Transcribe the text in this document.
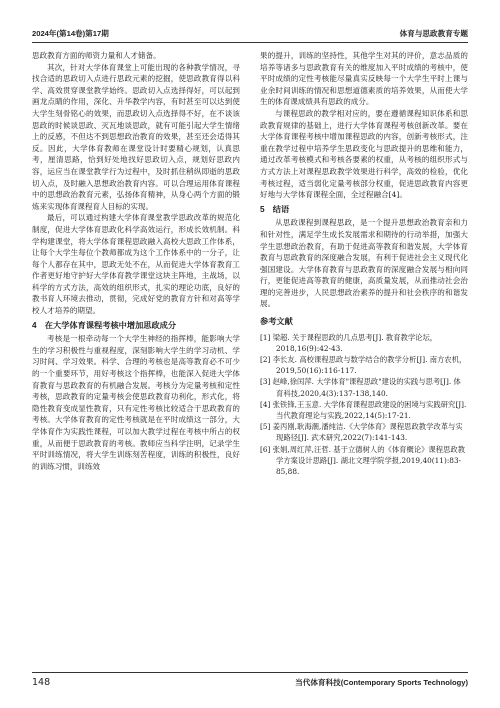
2024年(第14卷)第17期	体育与思政教育专题

思政教育方面的师资力量和人才储备。

其次，针对大学体育课堂上可能出现的各种教学情况，寻找合适的思政切入点进行思政元素的挖掘，使思政教育得以科学、高效贯穿课堂教学始终。思政切入点选择得好，可以起到画龙点睛的作用，深化、升华教学内容，有时甚至可以达到使大学生刻骨铭心的效果，而思政切入点选择得不好，在不谈该思政的时候谈思政、灭瓦地谈思政，就有可能引起大学生情绪上的反感，不但达不到思想政治教育的效果，甚至还会适得其反。因此，大学体育教师在课堂设计时要精心规划，认真思考，厘清思路，恰到好处地找好思政切入点，规划好思政内容，运应当在课堂教学行为过程中，及时抓住稍纵即逝的思政切入点，及时融入思想政治教育内容。可以合理运用体育课程中的思想政治教育元素，弘扬体育精神，从身心两个方面的锻炼来实现体育课程育人目标的实现。

最后，可以通过构建大学体育课堂教学思政改革的规范化制度，促进大学体育思政化科学高效运行，形成长效机制。科学构建课堂，将大学体育课程思政融入高校大思政工作体系，让每个大学生每位个教师都成为这个工作体系中的一分子，让每个人都存在其中，思政无处不在，从而促进大学体育教育工作者更好地守护好大学体育教学课堂这块主阵地，主战场，以科学的方式方法，高效的组织形式，扎实的理论功底，良好的教书育人环境去推动，贯彻，完成好党的教育方针和对高等学校人才培养的期望。

4　在大学体育课程考核中增加思政成分

考核是一根牵动每一个大学生神经的指挥棒，能影响大学生的学习积极性与重视程度，深刻影响大学生的学习动机、学习时间、学习效果。科学、合理的考核也是高等教育必不可少的一个重要环节，用好考核这个指挥棒，也能深入促进大学体育教育与思政教育的有机融合发展。考核分为定量考核和定性考核，思政教育的定量考核会使思政教育功利化，形式化，将隐性教育变成显性教育，只有定性考核比较适合于思政教育的考核。大学体育教育的定性考核就是在平时成绩这一部分，大学体育作为实践性课程，可以加大教学过程在考核中所占的权重，从而便于思政教育的考核。教师应当科学注明，记录学生平时训练情况，将大学生训练刻苦程度，训练的积极性，良好的训练习惯，训练效

果的提升，训练的坚持性，其他学生对其的评价，意志品质的培养等诸多与思政教育有关的维度加入平时成绩的考核中，使平时成绩的定性考核能尽量真实反映每一个大学生平时上课与业余时间训练的情况和思想道德素质的培养效果，从而使大学生的体育课成绩具有思政的成分。

与课程思政的教学相对应的，要在遵循课程知识体系和思政教育规律的基础上，进行大学体育课程考核创新改革。要在大学体育课程考核中增加课程思政的内容，创新考核形式，注重在教学过程中培养学生思政变化与思政提升的思维和能力，通过改革考核模式和考核各要素的权重，从考核的组织形式与方式方法上对课程思政教学效果进行科学，高效的检验，优化考核过程，适当弱化定量考核部分权重，促进思政教育内容更好地与大学体育课程全面，全过程融合[4]。

5　结语

从思政课程到课程思政，是一个提升思想政治教育亲和力和针对性，满足学生成长发展需求和期待的行动举措，加强大学生思想政治教育，有助于促进高等教育和谐发展，大学体育教育与思政教育的深度融合发展，有利于促进社会主义现代化强国建设。大学体育教育与思政教育的深度融合发展与相向同行，更能促进高等教育的健康，高质量发展，从而推动社会治理的完善进步，人民思想政治素养的提升和社会秩序的和谐发展。

参考文献
[1] 梁超. 关于课程思政的几点思考[J]. 教育教学论坛，2018,16(9):42-43.
[2] 李长友. 高校课程思政与数学结合的教学分析[J]. 南方农机，2019,50(16):116-117.
[3] 赵峰,徐闰萍. 大学体育"课程思政"建设的实践与思考[J]. 体育科技,2020,4(3):137-138,140.
[4] 张铁锋,王玉意. 大学体育课程思政建设的困境与实践研究[J]. 当代教育理论与实践,2022,14(5):17-21.
[5] 姜丙刚,耿海潮,潘纯洁.《大学体育》课程思政教学改革与实现路径[J]. 武术研究,2022(7):141-143.
[6] 张娟,周红萍,汪哲. 基于立德树人的《体育概论》课程思政教学方案设计思路[J]. 湖北文理学院学报,2019,40(11):83-85,88.
148	当代体育科技(Contemporary Sports Technology)
